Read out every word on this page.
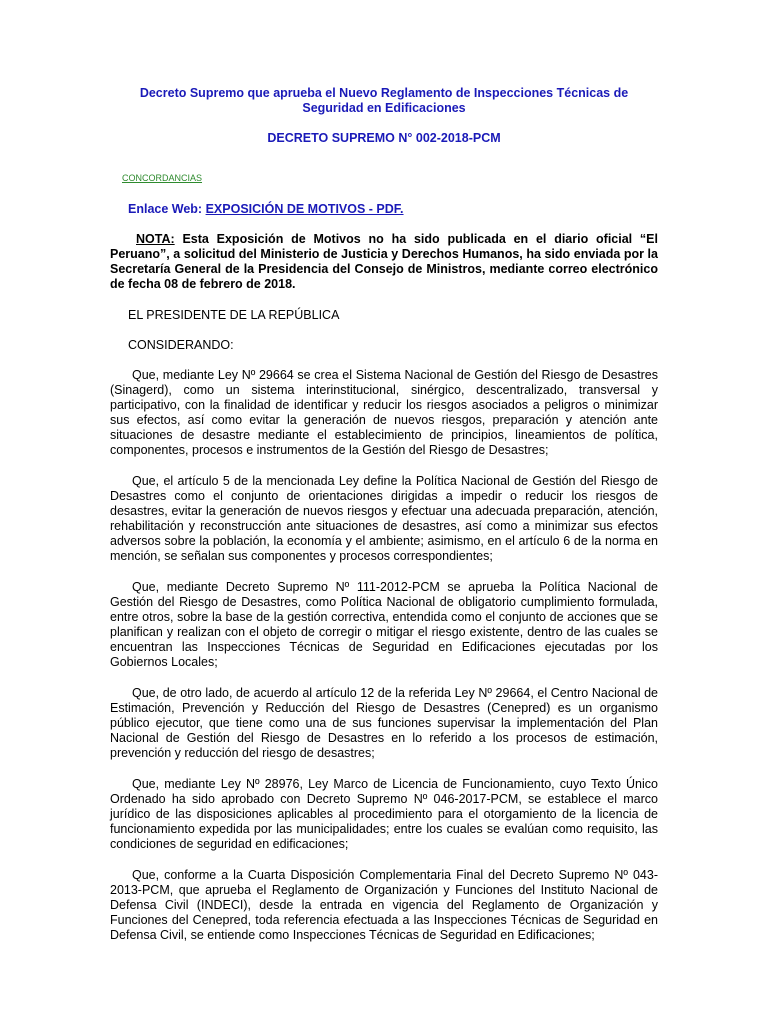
Decreto Supremo que aprueba el Nuevo Reglamento de Inspecciones Técnicas de Seguridad en Edificaciones

DECRETO SUPREMO N° 002-2018-PCM

CONCORDANCIAS
Enlace Web: EXPOSICIÓN DE MOTIVOS - PDF.

NOTA: Esta Exposición de Motivos no ha sido publicada en el diario oficial “El Peruano”, a solicitud del Ministerio de Justicia y Derechos Humanos, ha sido enviada por la Secretaría General de la Presidencia del Consejo de Ministros, mediante correo electrónico de fecha 08 de febrero de 2018.

EL PRESIDENTE DE LA REPÚBLICA

CONSIDERANDO:

Que, mediante Ley Nº 29664 se crea el Sistema Nacional de Gestión del Riesgo de Desastres (Sinagerd), como un sistema interinstitucional, sinérgico, descentralizado, transversal y participativo, con la finalidad de identificar y reducir los riesgos asociados a peligros o minimizar sus efectos, así como evitar la generación de nuevos riesgos, preparación y atención ante situaciones de desastre mediante el establecimiento de principios, lineamientos de política, componentes, procesos e instrumentos de la Gestión del Riesgo de Desastres;

Que, el artículo 5 de la mencionada Ley define la Política Nacional de Gestión del Riesgo de Desastres como el conjunto de orientaciones dirigidas a impedir o reducir los riesgos de desastres, evitar la generación de nuevos riesgos y efectuar una adecuada preparación, atención, rehabilitación y reconstrucción ante situaciones de desastres, así como a minimizar sus efectos adversos sobre la población, la economía y el ambiente; asimismo, en el artículo 6 de la norma en mención, se señalan sus componentes y procesos correspondientes;

Que, mediante Decreto Supremo Nº 111-2012-PCM se aprueba la Política Nacional de Gestión del Riesgo de Desastres, como Política Nacional de obligatorio cumplimiento formulada, entre otros, sobre la base de la gestión correctiva, entendida como el conjunto de acciones que se planifican y realizan con el objeto de corregir o mitigar el riesgo existente, dentro de las cuales se encuentran las Inspecciones Técnicas de Seguridad en Edificaciones ejecutadas por los Gobiernos Locales;

Que, de otro lado, de acuerdo al artículo 12 de la referida Ley Nº 29664, el Centro Nacional de Estimación, Prevención y Reducción del Riesgo de Desastres (Cenepred) es un organismo público ejecutor, que tiene como una de sus funciones supervisar la implementación del Plan Nacional de Gestión del Riesgo de Desastres en lo referido a los procesos de estimación, prevención y reducción del riesgo de desastres;

Que, mediante Ley Nº 28976, Ley Marco de Licencia de Funcionamiento, cuyo Texto Único Ordenado ha sido aprobado con Decreto Supremo Nº 046-2017-PCM, se establece el marco jurídico de las disposiciones aplicables al procedimiento para el otorgamiento de la licencia de funcionamiento expedida por las municipalidades; entre los cuales se evalúan como requisito, las condiciones de seguridad en edificaciones;

Que, conforme a la Cuarta Disposición Complementaria Final del Decreto Supremo Nº 043-2013-PCM, que aprueba el Reglamento de Organización y Funciones del Instituto Nacional de Defensa Civil (INDECI), desde la entrada en vigencia del Reglamento de Organización y Funciones del Cenepred, toda referencia efectuada a las Inspecciones Técnicas de Seguridad en Defensa Civil, se entiende como Inspecciones Técnicas de Seguridad en Edificaciones;
